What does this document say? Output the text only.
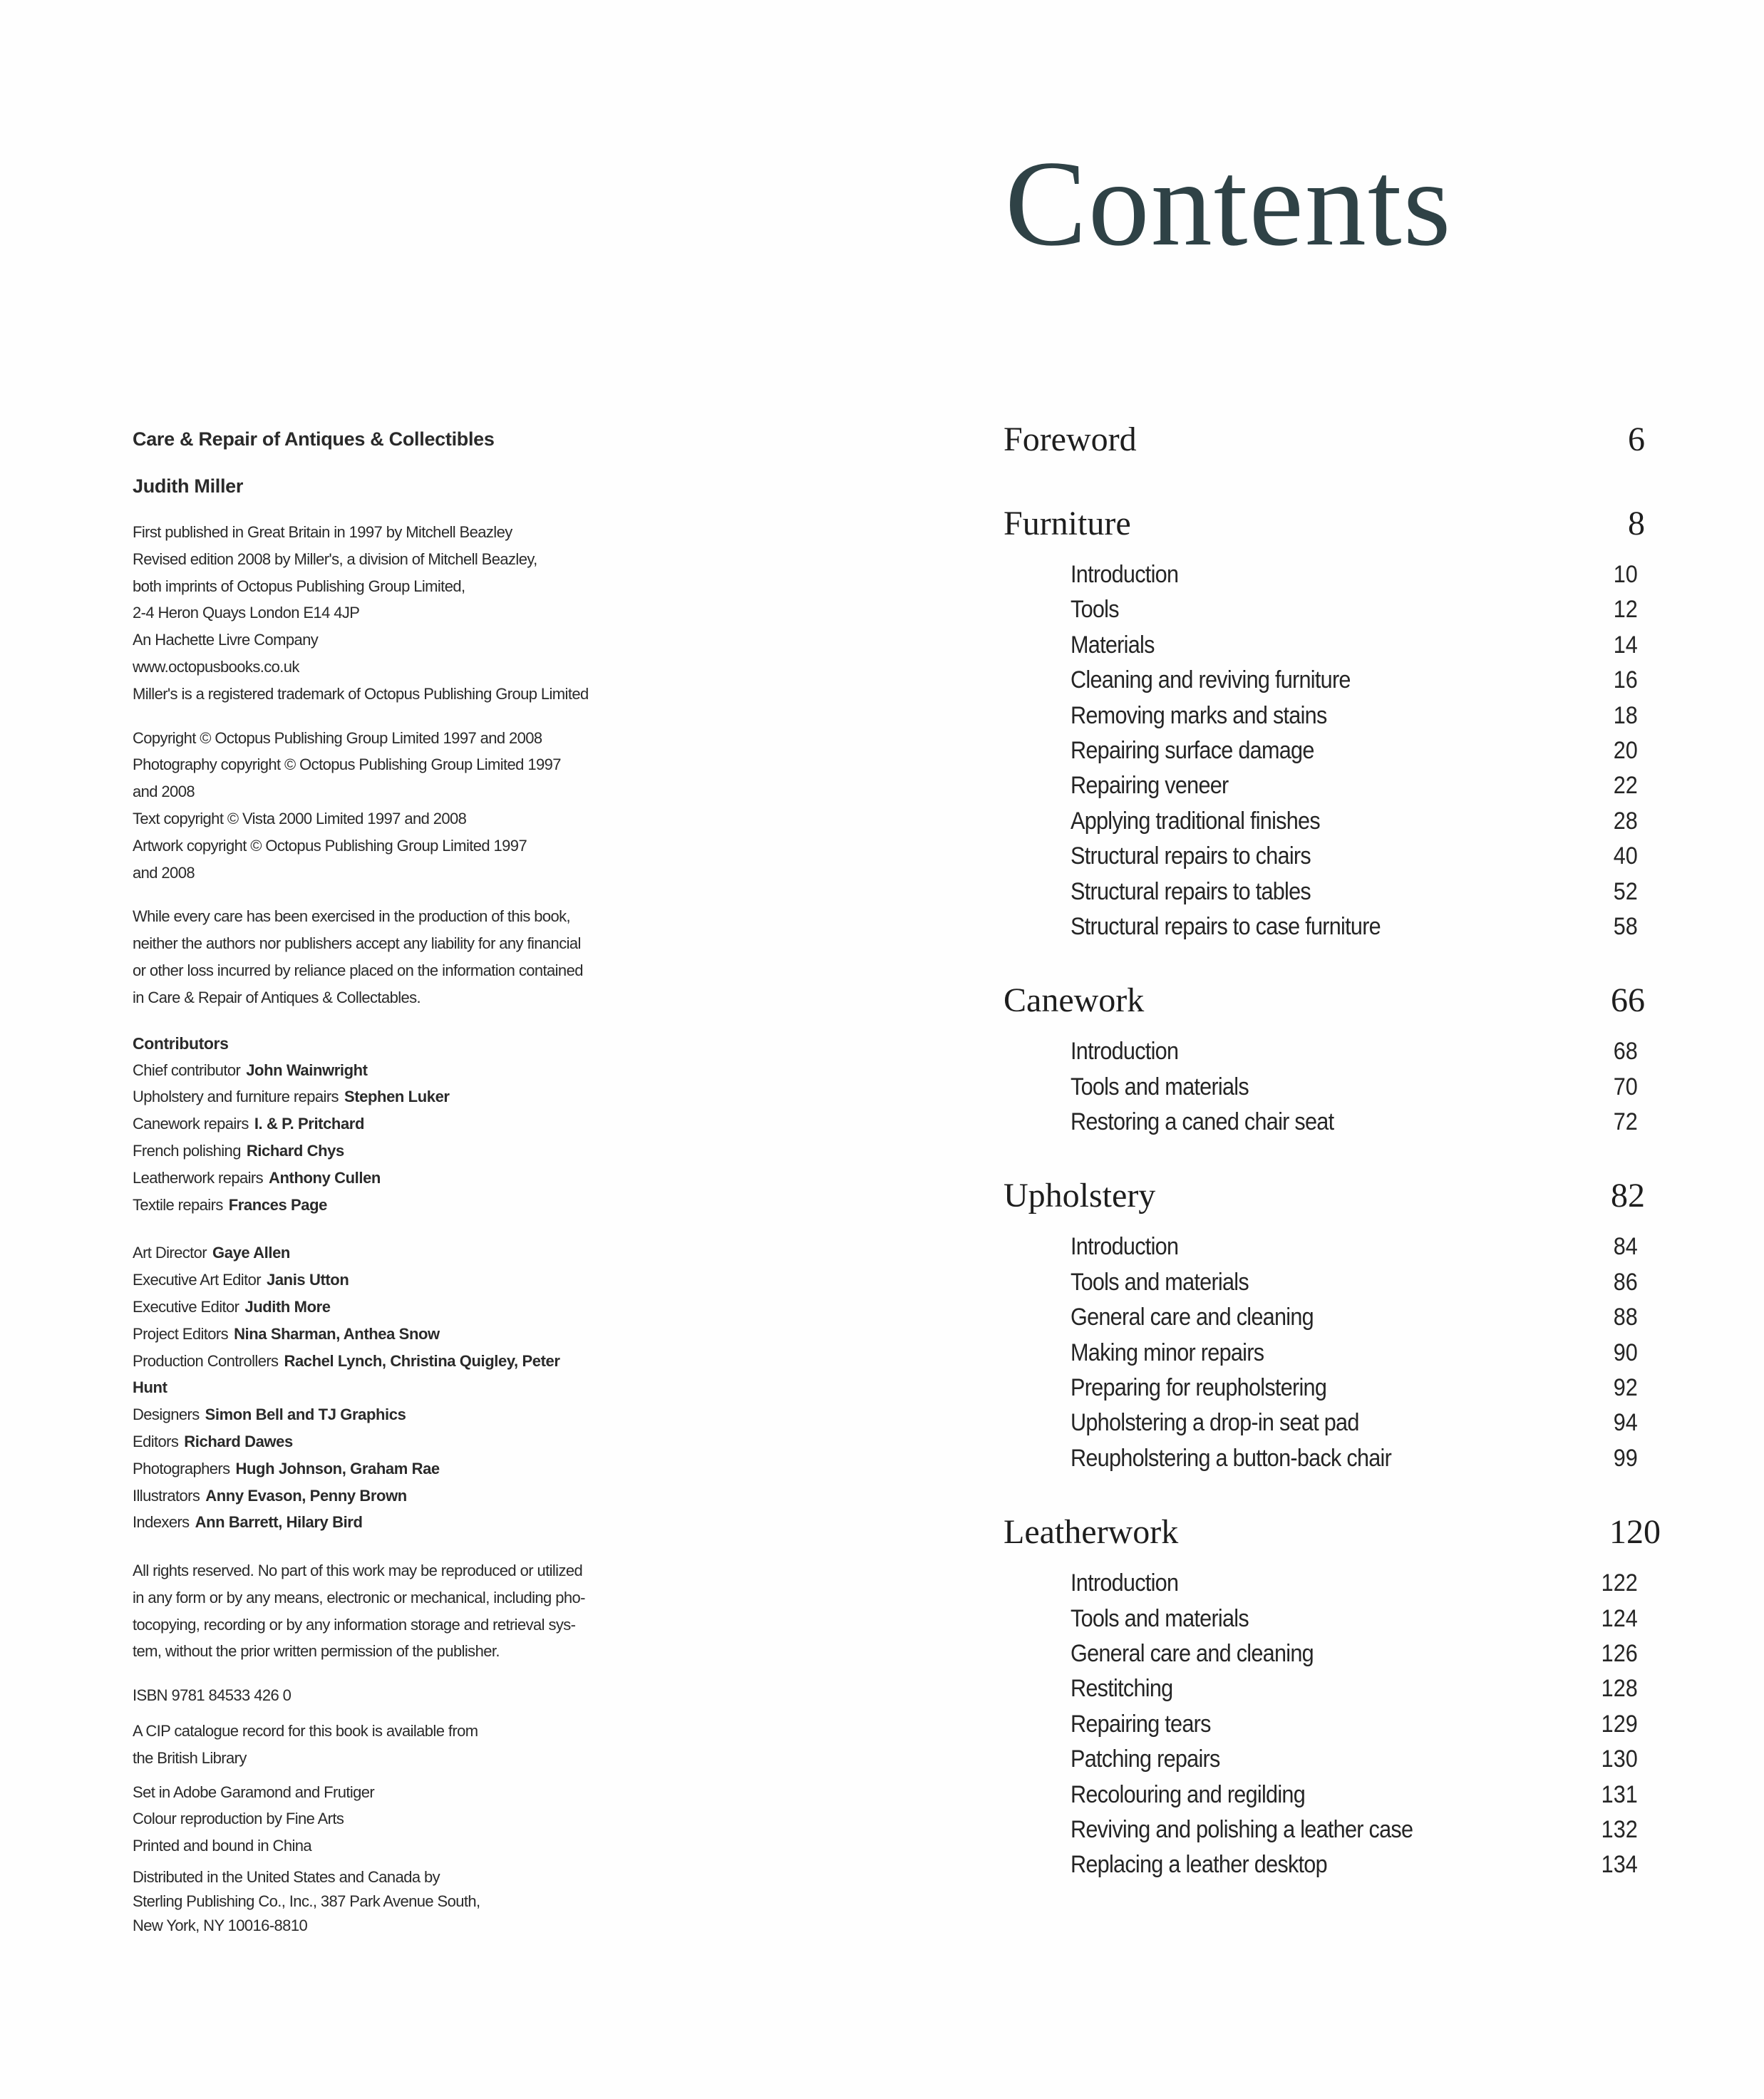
Care & Repair of Antiques & Collectibles
Judith Miller
First published in Great Britain in 1997 by Mitchell Beazley
Revised edition 2008 by Miller's, a division of Mitchell Beazley,
both imprints of Octopus Publishing Group Limited,
2-4 Heron Quays London E14 4JP
An Hachette Livre Company
www.octopusbooks.co.uk
Miller's is a registered trademark of Octopus Publishing Group Limited
Copyright © Octopus Publishing Group Limited 1997 and 2008
Photography copyright © Octopus Publishing Group Limited 1997
and 2008
Text copyright © Vista 2000 Limited 1997 and 2008
Artwork copyright © Octopus Publishing Group Limited 1997
and 2008
While every care has been exercised in the production of this book,
neither the authors nor publishers accept any liability for any financial
or other loss incurred by reliance placed on the information contained
in Care & Repair of Antiques & Collectables.
Contributors
Chief contributor John Wainwright
Upholstery and furniture repairs Stephen Luker
Canework repairs I. & P. Pritchard
French polishing Richard Chys
Leatherwork repairs Anthony Cullen
Textile repairs Frances Page
Art Director Gaye Allen
Executive Art Editor Janis Utton
Executive Editor Judith More
Project Editors Nina Sharman, Anthea Snow
Production Controllers Rachel Lynch, Christina Quigley, Peter
Hunt
Designers Simon Bell and TJ Graphics
Editors Richard Dawes
Photographers Hugh Johnson, Graham Rae
Illustrators Anny Evason, Penny Brown
Indexers Ann Barrett, Hilary Bird
All rights reserved. No part of this work may be reproduced or utilized
in any form or by any means, electronic or mechanical, including pho-
tocopying, recording or by any information storage and retrieval sys-
tem, without the prior written permission of the publisher.
ISBN 9781 84533 426 0
A CIP catalogue record for this book is available from
the British Library
Set in Adobe Garamond and Frutiger
Colour reproduction by Fine Arts
Printed and bound in China
Distributed in the United States and Canada by
Sterling Publishing Co., Inc., 387 Park Avenue South,
New York, NY 10016-8810
Contents
Foreword	6
Furniture	8
Introduction	10
Tools	12
Materials	14
Cleaning and reviving furniture	16
Removing marks and stains	18
Repairing surface damage	20
Repairing veneer	22
Applying traditional finishes	28
Structural repairs to chairs	40
Structural repairs to tables	52
Structural repairs to case furniture	58
Canework	66
Introduction	68
Tools and materials	70
Restoring a caned chair seat	72
Upholstery	82
Introduction	84
Tools and materials	86
General care and cleaning	88
Making minor repairs	90
Preparing for reupholstering	92
Upholstering a drop-in seat pad	94
Reupholstering a button-back chair	99
Leatherwork	120
Introduction	122
Tools and materials	124
General care and cleaning	126
Restitching	128
Repairing tears	129
Patching repairs	130
Recolouring and regilding	131
Reviving and polishing a leather case	132
Replacing a leather desktop	134
